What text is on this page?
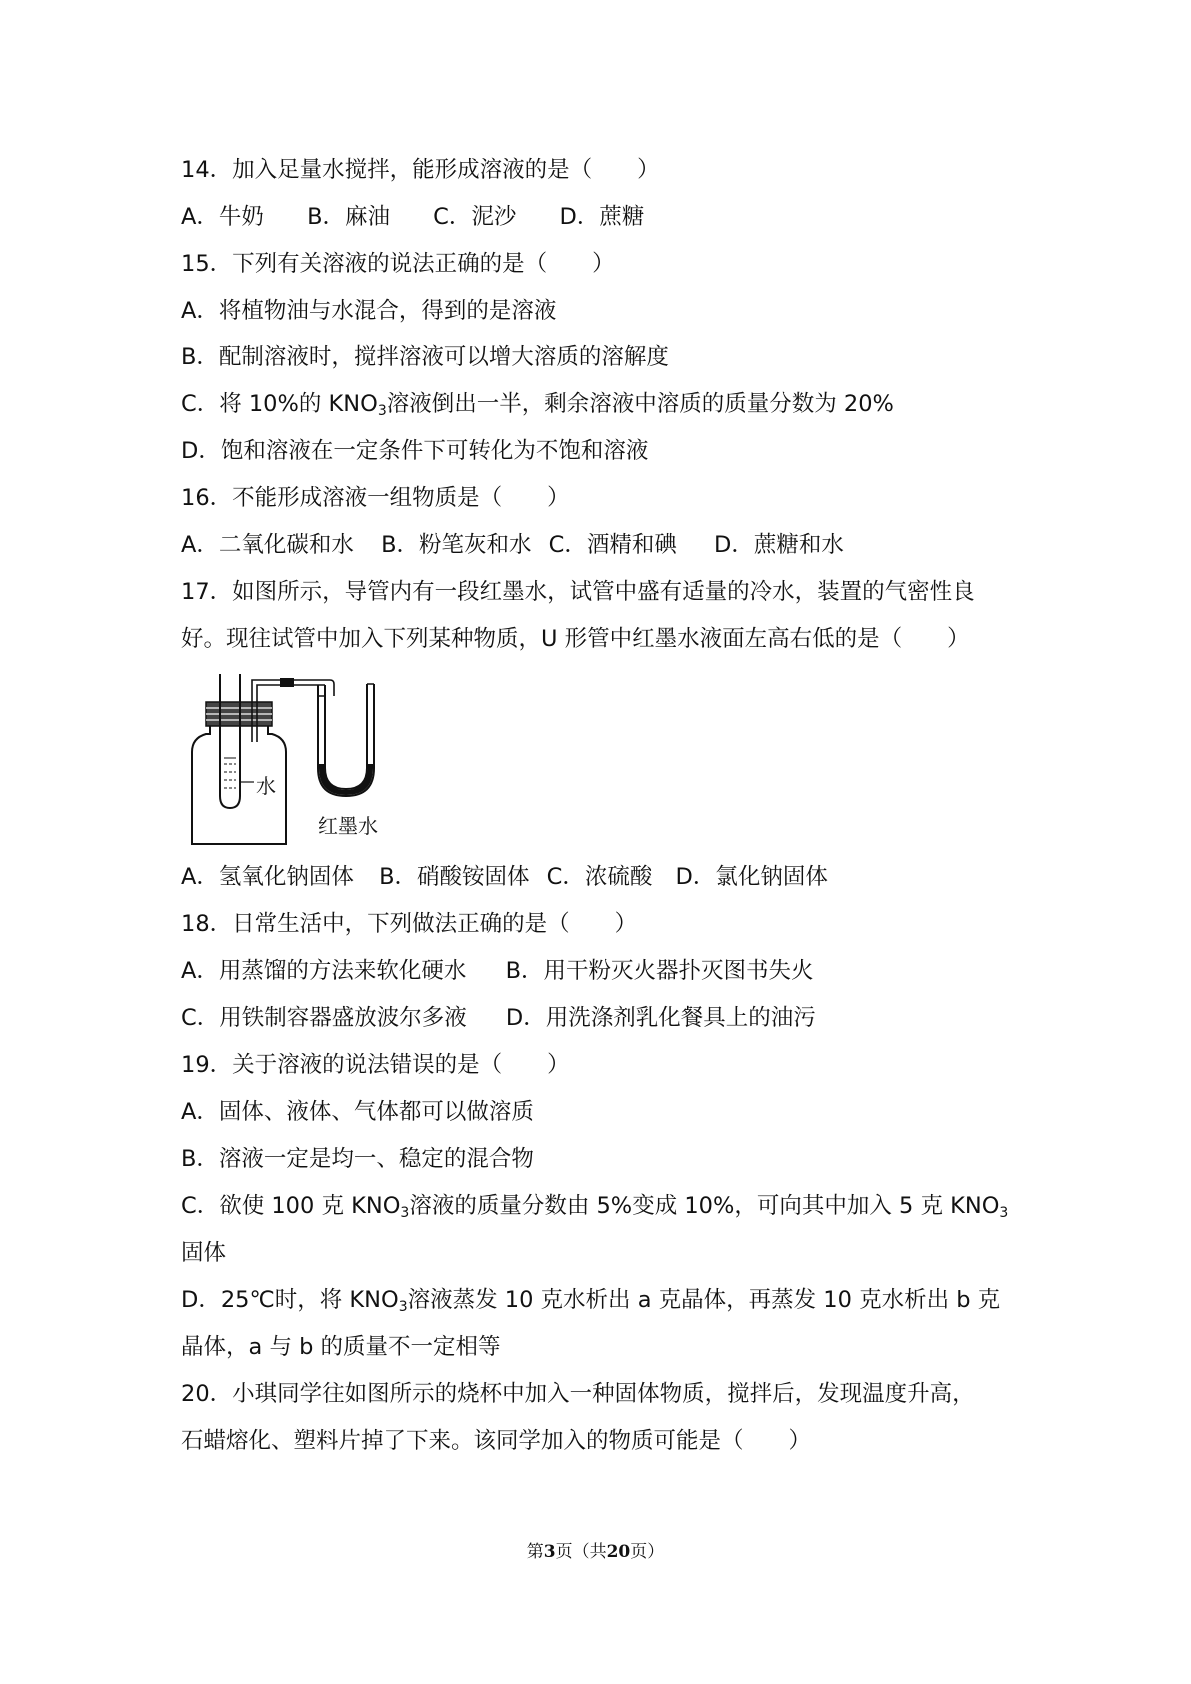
14．加入足量水搅拌，能形成溶液的是（　　）
A．牛奶 B．麻油 C．泥沙 D．蔗糖
15．下列有关溶液的说法正确的是（　　）
A．将植物油与水混合，得到的是溶液
B．配制溶液时，搅拌溶液可以增大溶质的溶解度
C．将 10%的 $KNO_3$溶液倒出一半，剩余溶液中溶质的质量分数为 20%
D．饱和溶液在一定条件下可转化为不饱和溶液
16．不能形成溶液一组物质是（　　）
A．二氧化碳和水 B．粉笔灰和水 C．酒精和碘 D．蔗糖和水
17．如图所示，导管内有一段红墨水，试管中盛有适量的冷水，装置的气密性良
好。现往试管中加入下列某种物质，U 形管中红墨水液面左高右低的是（　　）
水
红墨水
A．氢氧化钠固体 B．硝酸铵固体 C．浓硫酸 D．氯化钠固体
18．日常生活中，下列做法正确的是（　　）
A．用蒸馏的方法来软化硬水 B．用干粉灭火器扑灭图书失火
C．用铁制容器盛放波尔多液 D．用洗涤剂乳化餐具上的油污
19．关于溶液的说法错误的是（　　）
A．固体、液体、气体都可以做溶质
B．溶液一定是均一、稳定的混合物
C．欲使 100 克 $KNO_3$溶液的质量分数由 5%变成 10%，可向其中加入 5 克 $KNO_3$
固体
D．25℃时，将 $KNO_3$溶液蒸发 10 克水析出 a 克晶体，再蒸发 10 克水析出 b 克
晶体，a 与 b 的质量不一定相等
20．小琪同学往如图所示的烧杯中加入一种固体物质，搅拌后，发现温度升高，
石蜡熔化、塑料片掉了下来。该同学加入的物质可能是（　　）
第3页（共20页）
